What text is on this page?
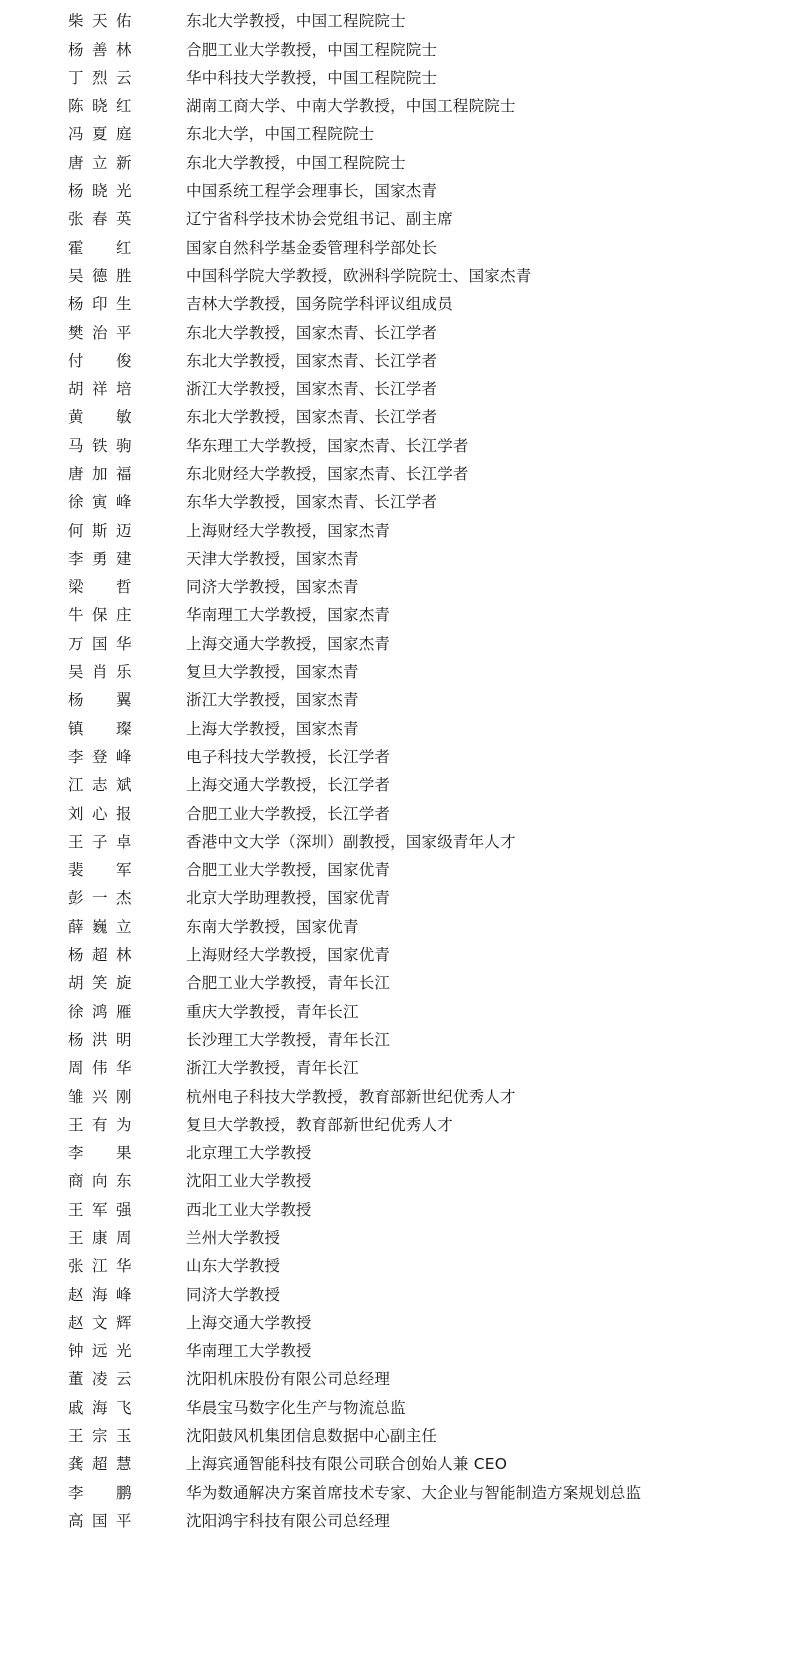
柴天佑	东北大学教授，中国工程院院士
杨善林	合肥工业大学教授，中国工程院院士
丁烈云	华中科技大学教授，中国工程院院士
陈晓红	湖南工商大学、中南大学教授，中国工程院院士
冯夏庭	东北大学，中国工程院院士
唐立新	东北大学教授，中国工程院院士
杨晓光	中国系统工程学会理事长，国家杰青
张春英	辽宁省科学技术协会党组书记、副主席
霍　红	国家自然科学基金委管理科学部处长
吴德胜	中国科学院大学教授，欧洲科学院院士、国家杰青
杨印生	吉林大学教授，国务院学科评议组成员
樊治平	东北大学教授，国家杰青、长江学者
付　俊	东北大学教授，国家杰青、长江学者
胡祥培	浙江大学教授，国家杰青、长江学者
黄　敏	东北大学教授，国家杰青、长江学者
马铁驹	华东理工大学教授，国家杰青、长江学者
唐加福	东北财经大学教授，国家杰青、长江学者
徐寅峰	东华大学教授，国家杰青、长江学者
何斯迈	上海财经大学教授，国家杰青
李勇建	天津大学教授，国家杰青
梁　哲	同济大学教授，国家杰青
牛保庄	华南理工大学教授，国家杰青
万国华	上海交通大学教授，国家杰青
吴肖乐	复旦大学教授，国家杰青
杨　翼	浙江大学教授，国家杰青
镇　璨	上海大学教授，国家杰青
李登峰	电子科技大学教授，长江学者
江志斌	上海交通大学教授，长江学者
刘心报	合肥工业大学教授，长江学者
王子卓	香港中文大学（深圳）副教授，国家级青年人才
裴　军	合肥工业大学教授，国家优青
彭一杰	北京大学助理教授，国家优青
薛巍立	东南大学教授，国家优青
杨超林	上海财经大学教授，国家优青
胡笑旋	合肥工业大学教授，青年长江
徐鸿雁	重庆大学教授，青年长江
杨洪明	长沙理工大学教授，青年长江
周伟华	浙江大学教授，青年长江
雏兴刚	杭州电子科技大学教授，教育部新世纪优秀人才
王有为	复旦大学教授，教育部新世纪优秀人才
李　果	北京理工大学教授
商向东	沈阳工业大学教授
王军强	西北工业大学教授
王康周	兰州大学教授
张江华	山东大学教授
赵海峰	同济大学教授
赵文辉	上海交通大学教授
钟远光	华南理工大学教授
董凌云	沈阳机床股份有限公司总经理
戚海飞	华晨宝马数字化生产与物流总监
王宗玉	沈阳鼓风机集团信息数据中心副主任
龚超慧	上海宾通智能科技有限公司联合创始人兼 CEO
李　鹏	华为数通解决方案首席技术专家、大企业与智能制造方案规划总监
高国平	沈阳鸿宇科技有限公司总经理
